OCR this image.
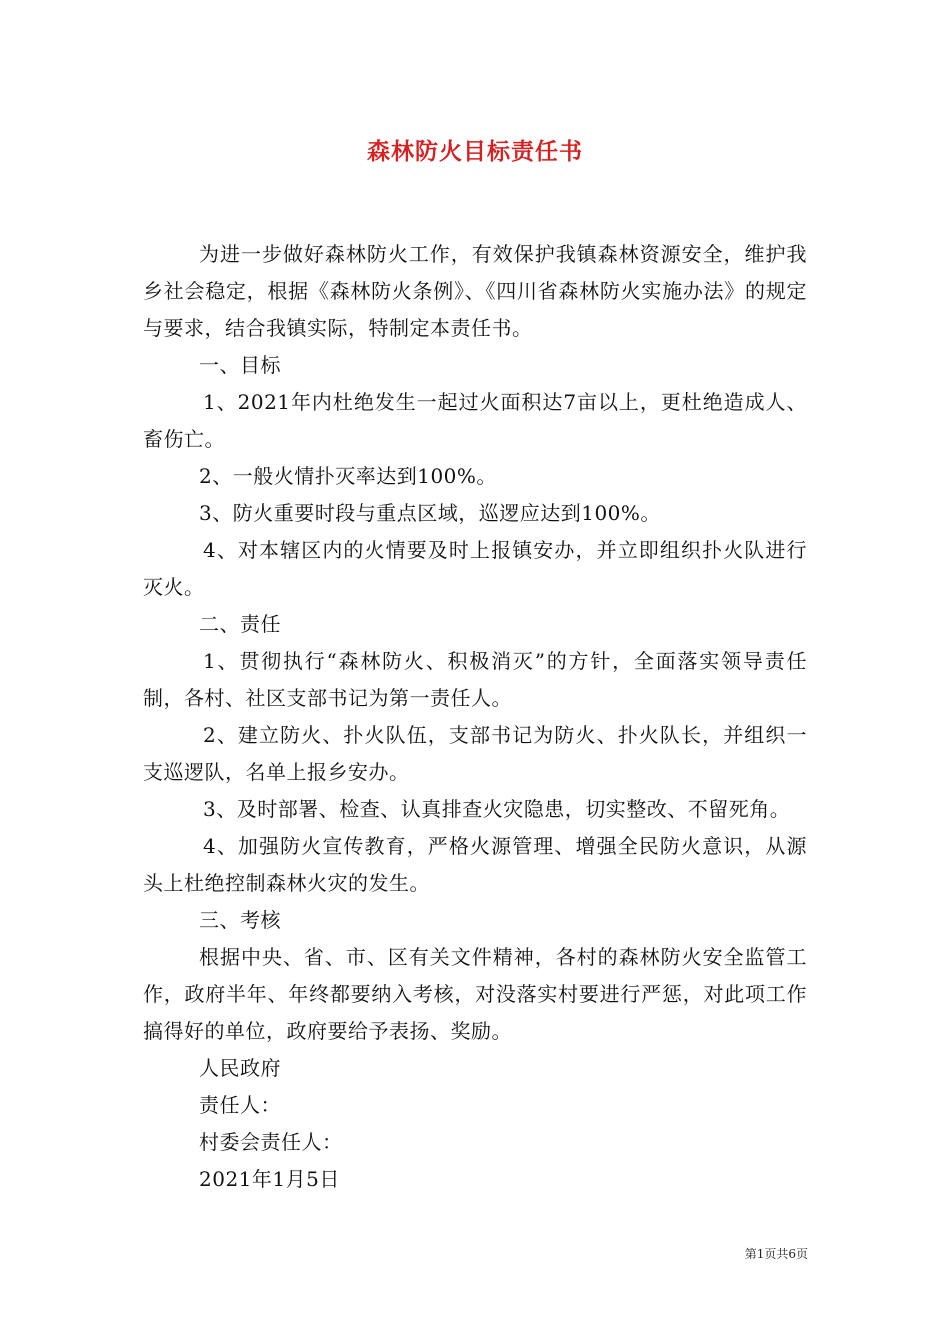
森林防火目标责任书

为进一步做好森林防火工作，有效保护我镇森林资源安全，维护我乡社会稳定，根据《森林防火条例》、《四川省森林防火实施办法》的规定与要求，结合我镇实际，特制定本责任书。

一、目标

1、2021年内杜绝发生一起过火面积达7亩以上，更杜绝造成人、畜伤亡。

2、一般火情扑灭率达到100%。

3、防火重要时段与重点区域，巡逻应达到100%。

4、对本辖区内的火情要及时上报镇安办，并立即组织扑火队进行灭火。

二、责任

1、贯彻执行“森林防火、积极消灭”的方针，全面落实领导责任制，各村、社区支部书记为第一责任人。

2、建立防火、扑火队伍，支部书记为防火、扑火队长，并组织一支巡逻队，名单上报乡安办。

3、及时部署、检查、认真排查火灾隐患，切实整改、不留死角。

4、加强防火宣传教育，严格火源管理、增强全民防火意识，从源头上杜绝控制森林火灾的发生。

三、考核

根据中央、省、市、区有关文件精神，各村的森林防火安全监管工作，政府半年、年终都要纳入考核，对没落实村要进行严惩，对此项工作搞得好的单位，政府要给予表扬、奖励。

人民政府

责任人：

村委会责任人：

2021年1月5日

第1页共6页
